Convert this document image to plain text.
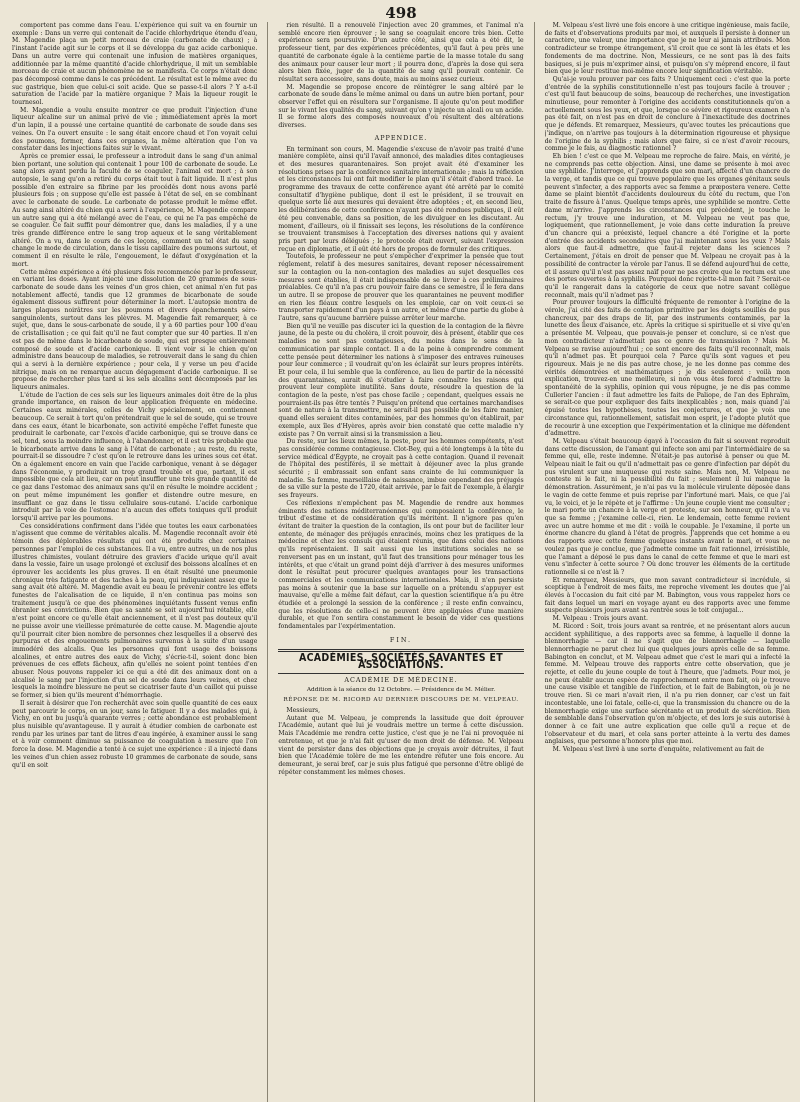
498

comportent pas comme dans l'eau. L'expérience qui suit va en fournir un exemple : Dans un verre qui contenait de l'acide chlorhydrique étendu d'eau, M. Magendie plaça un petit morceau de craie (carbonate de chaux) ; à l'instant l'acide agit sur le corps et il se développa du gaz acide carbonique. Dans un autre verre qui contenait une infusion de matières organiques, additionnée par la même quantité d'acide chlorhydrique, il mit un semblable morceau de craie et aucun phénomène ne se manifesta. Ce corps n'était donc pas décomposé comme dans le cas précédent. Le résultat est le même avec du suc gastrique, bien que celui-ci soit acide. Que se passe-t-il alors ? Y a-t-il saturation de l'acide par la matière organique ? Mais la liqueur rougit le tournesol.

M. Magendie a voulu ensuite montrer ce que produit l'injection d'une liqueur alcaline sur un animal privé de vie ; immédiatement après la mort d'un lapin, il a poussé une certaine quantité de carbonate de soude dans ses veines. On l'a ouvert ensuite : le sang était encore chaud et l'on voyait celui des poumons, former, dans ces organes, la même altération que l'on va constater dans les injections faites sur le vivant.

Après ce premier essai, le professeur a introduit dans le sang d'un animal bien portant, une solution qui contenait 1 pour 100 de carbonate de soude. Le sang alors ayant perdu la faculté de se coaguler, l'animal est mort ; à son autopsie, le sang qu'on a retiré du corps était tout à fait liquide. Il n'est plus possible d'en extraire sa fibrine par les procédés dont nous avons parlé plusieurs fois ; on suppose qu'elle est passée à l'état de sel, en se combinant avec le carbonate de soude. Le carbonate de potasse produit le même effet. Au sang ainsi altéré du chien qui a servi à l'expérience, M. Magendie compare un autre sang qui a été mélangé avec de l'eau, ce qui ne l'a pas empêché de se coaguler. Ce fait suffit pour démontrer que, dans les maladies, il y a une très grande différence entre le sang trop aqueux et le sang véritablement altéré. On a vu, dans le cours de ces leçons, comment un tel état du sang change le mode de circulation, dans le tissu capillaire des poumons surtout, et comment il en résulte le râle, l'engouement, le défaut d'oxygénation et la mort.

Cette même expérience a été plusieurs fois recommencée par le professeur, en variant les doses. Ayant injecté une dissolution de 20 grammes de sous-carbonate de soude dans les veines d'un gros chien, cet animal n'en fut pas notablement affecté, tandis que 12 grammes de bicarbonate de soude également dissous suffirent pour déterminer la mort. L'autopsie montra de larges plaques noirâtres sur les poumons et divers épanchements séro-sanguinolents, surtout dans les plèvres. M. Magendie fait remarquer, à ce sujet, que, dans le sous-carbonate de soude, il y a 60 parties pour 100 d'eau de cristallisation ; ce qui fait qu'il ne faut compter que sur 40 parties. Il n'en est pas de même dans le bicarbonate de soude, qui est presque entièrement composé de soude et d'acide carbonique. Il vient voir si le chien qu'on administre dans beaucoup de maladies, se retrouverait dans le sang du chien qui a servi à la dernière expérience ; pour cela, il y verse un peu d'acide nitrique, mais on ne remarque aucun dégagement d'acide carbonique. Il se propose de rechercher plus tard si les sels alcalins sont décomposés par les liqueurs animales.

L'étude de l'action de ces sels sur les liqueurs animales doit être de la plus grande importance, en raison de leur application fréquente en médecine. Certaines eaux minérales, celles de Vichy spécialement, en contiennent beaucoup. Ce serait à tort qu'on prétendrait que le sel de soude, qui se trouve dans ces eaux, étant le bicarbonate, son activité empêche l'effet funeste que produirait le carbonate, car l'excès d'acide carbonique, qui se trouve dans ce sel, tend, sous la moindre influence, à l'abandonner, et il est très probable que le bicarbonate arrive dans le sang à l'état de carbonate ; au reste, du reste, pourrait-il se dissoudre ? c'est qu'on le retrouve dans les urines sous cet état. On a également encore en vain que l'acide carbonique, venant à se dégager dans l'économie, y produirait un trop grand trouble et que, partant, il est impossible que cela ait lieu, car on peut insuffler une très grande quantité de ce gaz dans l'estomac des animaux sans qu'il en résulte le moindre accident ; on peut même impunément les gonfler et distendre outre mesure, en insufflant ce gaz dans le tissu cellulaire sous-cutané. L'acide carbonique introduit par la voie de l'estomac n'a aucun des effets toxiques qu'il produit lorsqu'il arrive par les poumons.

Ces considérations confirment dans l'idée que toutes les eaux carbonatées n'agissent que comme de véritables alcalis. M. Magendie reconnaît avoir été témoin des déplorables résultats qui ont été produits chez certaines personnes par l'emploi de ces substances. Il a vu, entre autres, un de nos plus illustres chimistes, voulant détruire des graviers d'acide urique qu'il avait dans la vessie, faire un usage prolongé et exclusif des boissons alcalines et en éprouver les accidents les plus graves. Il en était résulté une pneumonie chronique très fatigante et des taches à la peau, qui indiquaient assez que le sang avait été altéré. M. Magendie avait eu beau le prévenir contre les effets funestes de l'alcalisation de ce liquide, il n'en continua pas moins son traitement jusqu'à ce que des phénomènes inquiétants fussent venus enfin ébranler ses convictions. Bien que sa santé se soit aujourd'hui rétablie, elle n'est point encore ce qu'elle était anciennement, et il n'est pas douteux qu'il ne puisse avoir une vieillesse prématurée de cette cause. M. Magendie ajoute qu'il pourrait citer bien nombre de personnes chez lesquelles il a observé des purpuras et des engouements pulmonaires survenus à la suite d'un usage immodéré des alcalis. Que les personnes qui font usage des boissons alcalines, et entre autres des eaux de Vichy, s'écrie-t-il, soient donc bien prévenues de ces effets fâcheux, afin qu'elles ne soient point tentées d'en abuser. Nous pouvons rappeler ici ce qui a été dit des animaux dont on a alcalisé le sang par l'injection d'un sel de soude dans leurs veines, et chez lesquels la moindre blessure ne peut se cicatriser faute d'un caillot qui puisse se former, si bien qu'ils meurent d'hémorrhagie.

Il serait à désirer que l'on recherchât avec soin quelle quantité de ces eaux peut parcourir le corps, en un jour, sans le fatiguer. Il y a des malades qui, à Vichy, en ont bu jusqu'à quarante verres ; cette abondance est probablement plus nuisible qu'avantageuse. Il y aurait à étudier combien de carbonate est rendu par les urines par tant de litres d'eau ingérée, à examiner aussi le sang et à voir comment diminue sa puissance de coagulation à mesure que l'on force la dose. M. Magendie a tenté à ce sujet une expérience : il a injecté dans les veines d'un chien assez robuste 10 grammes de carbonate de soude, sans qu'il en soit

rien résulté. Il a renouvelé l'injection avec 20 grammes, et l'animal n'a semblé encore rien éprouver ; le sang se coagulait encore très bien. Cette expérience sera poursuivie. D'un autre côté, ainsi que cela a été dit, le professeur tient, par des expériences précédentes, qu'il faut à peu près une quantité de carbonate égale à la centième partie de la masse totale du sang des animaux pour causer leur mort ; il pourra donc, d'après la dose qui sera alors bien fixée, juger de la quantité de sang qu'il pouvait contenir. Ce résultat sera accessoire, sans doute, mais au moins assez curieux.

M. Magendie se propose encore de réintégrer le sang altéré par le carbonate de soude dans le même animal ou dans un autre bien portant, pour observer l'effet qui en résultera sur l'organisme. Il ajoute qu'on peut modifier sur le vivant les qualités du sang, suivant qu'on y injecte un alcali ou un acide. Il se forme alors des composés nouveaux d'où résultent des altérations diverses.

APPENDICE.

En terminant son cours, M. Magendie s'excuse de n'avoir pas traité d'une manière complète, ainsi qu'il l'avait annoncé, des maladies dites contagieuses et des mesures quarantenaires. Son projet avait été d'examiner les résolutions prises par la conférence sanitaire internationale ; mais la réflexion et les circonstances lui ont fait modifier le plan qu'il s'était d'abord tracé. Le programme des travaux de cette conférence ayant été arrêté par le comité consultatif d'hygiène publique, dont il est le président, il se trouvait en quelque sorte lié aux mesures qui devaient être adoptées ; et, en second lieu, les délibérations de cette conférence n'ayant pas été rendues publiques, il eût été peu convenable, dans sa position, de les divulguer en les discutant. Au moment, d'ailleurs, où il finissait ses leçons, les résolutions de la conférence se trouvaient transmises à l'acceptation des diverses nations qui y avaient pris part par leurs délégués ; le protocole était ouvert, suivant l'expression reçue en diplomatie, et il eût été hors de propos de formuler des critiques.

Toutefois, le professeur ne peut s'empêcher d'exprimer la pensée que tout réglement, relatif à des mesures sanitaires, devant reposer nécessairement sur la contagion ou la non-contagion des maladies au sujet desquelles ces mesures sont établies, il était indispensable de se livrer à ces préliminaires préalables. Ce qu'il n'a pas cru pouvoir faire dans ce semestre, il le fera dans un autre. Il se propose de prouver que les quarantaines ne peuvent modifier en rien les fléaux contre lesquels on les emploie, car on voit ceux-ci se transporter rapidement d'un pays à un autre, et même d'une partie du globe à l'autre, sans qu'aucune barrière puisse arrêter leur marche.

Bien qu'il ne veuille pas discuter ici la question de la contagion de la fièvre jaune, de la peste ou du choléra, il croit pouvoir, dès à présent, établir que ces maladies ne sont pas contagieuses, du moins dans le sens de la communication par simple contact. Il a de la peine à comprendre comment cette pensée peut déterminer les nations à s'imposer des entraves ruineuses pour leur commerce ; il voudrait qu'on les éclairât sur leurs propres intérêts. Et pour cela, il lui semble que la conférence, au lieu de partir de la nécessité des quarantaines, aurait dû s'étudier à faire connaître les raisons qui prouvent leur complète inutilité. Sans doute, résoudre la question de la contagion de la peste, n'est pas chose facile ; cependant, quelques essais ne pourraient-ils pas être tentés ? Puisqu'on prétend que certaines marchandises sont de nature à la transmettre, ne serait-il pas possible de les faire manier, quand elles seraient dites contaminées, par des hommes qu'on établirait, par exemple, aux îles d'Hyères, après avoir bien constaté que cette maladie n'y existe pas ? On verrait ainsi si la transmission a lieu.

Du reste, sur les lieux mêmes, la peste, pour les hommes compétents, n'est pas considérée comme contagieuse. Clot-Bey, qui a été longtemps à la tête du service médical d'Égypte, ne croyait pas à cette contagion. Quand il revenait de l'hôpital des pestiférés, il se mettait à déjeuner avec la plus grande sécurité ; il embrassait son enfant sans crainte de lui communiquer la maladie. Sa femme, marseillaise de naissance, imbue cependant des préjugés de sa ville sur la peste de 1720, était arrivée, par le fait de l'exemple, à élargir ses frayeurs.

Ces réflexions n'empêchent pas M. Magendie de rendre aux hommes éminents des nations méditerranéennes qui composaient la conférence, le tribut d'estime et de considération qu'ils méritent. Il n'ignore pas qu'en évitant de traiter la question de la contagion, ils ont pour but de faciliter leur entente, de ménager des préjugés enracinés, moins chez les pratiques de la médecine et chez les consuls qui étaient réunis, que dans celui des nations qu'ils représentaient. Il sait aussi que les institutions sociales ne se renversent pas en un instant, qu'il faut des transitions pour ménager tous les intérêts, et que c'était un grand point déjà d'arriver à des mesures uniformes dont le résultat peut procurer quelques avantages pour les transactions commerciales et les communications internationales. Mais, il n'en persiste pas moins à soutenir que la base sur laquelle on a prétendu s'appuyer est mauvaise, qu'elle a même fait défaut, car la question scientifique n'a pu être étudiée et a prolongé la session de la conférence ; il reste enfin convaincu, que les résolutions de celle-ci ne peuvent être appliquées d'une manière durable, et que l'on sentira constamment le besoin de vider ces questions fondamentales par l'expérimentation.

FIN.
ACADÉMIES, SOCIÉTÉS SAVANTES ET ASSOCIATIONS.
ACADÉMIE DE MÉDECINE.
Addition à la séance du 12 Octobre. — Présidence de M. Mélier.
RÉPONSE DE M. RICORD AU DERNIER DISCOURS DE M. VELPEAU.

Messieurs,

Autant que M. Velpeau, je comprends la lassitude que doit éprouver l'Académie, autant que lui je voudrais mettre un terme à cette discussion. Mais l'Académie me rendra cette justice, c'est que je ne l'ai ni provoquée ni entretenue, et que je n'ai fait qu'user de mon droit de défense. M. Velpeau vient de persister dans des objections que je croyais avoir détruites, il faut bien que l'Académie tolère de me les entendre réfuter une fois encore. Au demeurant, je serai bref, car je suis plus fatigué que personne d'être obligé de répéter constamment les mêmes choses.

M. Velpeau s'est livré une fois encore à une critique ingénieuse, mais facile, de faits et d'observations produits par moi, et auxquels il persiste à donner un caractère, une valeur, une importance que je ne leur ai jamais attribués. Mon contradicteur se trompe étrangement, s'il croit que ce sont là les états et les fondements de ma doctrine. Non, Messieurs, ce ne sont pas là des faits basiques, si je puis m'exprimer ainsi, et puisqu'on s'y méprend encore, il faut bien que je leur restitue moi-même encore leur signification véritable.

Qu'ai-je voulu prouver par ces faits ? Uniquement ceci : c'est que la porte d'entrée de la syphilis constitutionnelle n'est pas toujours facile à trouver ; c'est qu'il faut beaucoup de soins, beaucoup de recherches, une investigation minutieuse, pour remonter à l'origine des accidents constitutionnels qu'on a actuellement sous les yeux, et que, lorsque ce sévère et rigoureux examen n'a pas été fait, on n'est pas en droit de conclure à l'inexactitude des doctrines que je défends. Et remarquez, Messieurs, qu'avec toutes les précautions que j'indique, on n'arrive pas toujours à la détermination rigoureuse et physique de l'origine de la syphilis ; mais alors que faire, si ce n'est d'avoir recours, comme je le fais, au diagnostic rationnel ?

Eh bien ! c'est ce que M. Velpeau me reproche de faire. Mais, en vérité, je ne comprends pas cette objection. Ainsi, une dame se présente à moi avec une syphilide. J'interroge, et j'apprends que son mari, affecté d'un chancre de la verge, et tandis que ce qui trouve populaire que les organes génitaux seuls peuvent s'infecter, a des rapports avec sa femme a præpostera venere. Cette dame se plaint bientôt d'accidents douloureux du côté du rectum, que l'on traite de fissure à l'anus. Quelque temps après, une syphilide se montre. Cette dame m'arrive. J'apprends les circonstances qui précèdent, je touche le rectum, j'y trouve une induration, et M. Velpeau ne veut pas que, logiquement, que rationnellement, je voie dans cette induration la preuve d'un chancre qui a préexisté, lequel chancre a été l'origine et la porte d'entrée des accidents secondaires que j'ai maintenant sous les yeux ? Mais alors que faut-il admettre, que faut-il rejeter dans les sciences ? Certainement, j'étais en droit de penser que M. Velpeau ne croyait pas à la possibilité de contracter la vérole par l'anus. Il se défend aujourd'hui de cette, et il assure qu'il n'est pas assez naïf pour ne pas croire que le rectum est une des portes ouvertes à la syphilis. Pourquoi donc rejette-t-il mon fait ? Serait-ce qu'il le rangerait dans la catégorie de ceux que notre savant collègue reconnaît, mais qu'il n'admet pas ?

Pour prouver toujours la difficulté fréquente de remonter à l'origine de la vérole, j'ai cité des faits de contagion primitive par les doigts souillés de pus chancreux, par des draps de lit, par des instruments contaminés, par la lunette des lieux d'aisance, etc. Après la critique si spirituelle et si vive qu'en a présentée M. Velpeau, que pouvais-je penser et conclure, si ce n'est que mon contradicteur n'admettait pas ce genre de transmission ? Mais M. Velpeau se ravise aujourd'hui ; ce sont encore des faits qu'il reconnaît, mais qu'il n'admet pas. Et pourquoi cela ? Parce qu'ils sont vagues et peu rigoureux. Mais je ne dis pas autre chose, je ne les donne pas comme des vérités démontrées et mathématiques ; je dis seulement : voilà mon explication, trouvez-en une meilleure, si non vous êtes forcé d'admettre la spontanéité de la syphilis, opinion qui vous répugne, je ne dis pas comme Cullerier l'ancien : il faut admettre les faits de Paliope, de l'an des Ephraïm, se serait-ce que pour expliquer des faits inexplicables ; non, mais quand j'ai épuisé toutes les hypothèses, toutes les conjectures, et que je vois une circonstance qui, rationnellement, satisfait mon esprit, je l'adopte plutôt que de recourir à une exception que l'expérimentation et la clinique me défendent d'admettre.

M. Velpeau s'était beaucoup égayé à l'occasion du fait si souvent reproduit dans cette discussion, de l'amant qui infecte son ami par l'intermédiaire de sa femme qui, elle, reste indemne. N'était-je pas autorisé à penser ou que M. Velpeau niait le fait ou qu'il n'admettait pas ce genre d'infection par dépôt du pus virulent sur une muqueuse qui reste saine. Mais non, M. Velpeau ne conteste ni le fait, ni la possibilité du fait ; seulement il lui manque la démonstration. Assurément, je n'ai pas vu la molécule virulente déposée dans le vagin de cette femme et puis reprise par l'infortuné mari. Mais, ce que j'ai vu, le voici, et je le répète et je l'affirme : Un jeune couple vient me consulter ; le mari porte un chancre à la verge et proteste, sur son honneur, qu'il n'a vu que sa femme ; j'examine celle-ci, rien. Le lendemain, cette femme revient avec un autre homme et me dit : voilà le coupable. Je l'examine, il porte un énorme chancre du gland à l'état de progrès. J'apprends que cet homme a eu des rapports avec cette femme quelques instants avant le mari, et vous ne voulez pas que je conclue, que j'admette comme un fait rationnel, irrésistible, que l'amant a déposé le pus dans le canal de cette femme et que le mari est venu s'infecter à cette source ? Où donc trouver les éléments de la certitude rationnelle si ce n'est là ?

Et remarquez, Messieurs, que mon savant contradicteur si incrédule, si sceptique à l'endroit de mes faits, me reproche vivement les doutes que j'ai élevés à l'occasion du fait cité par M. Babington, vous vous rappelez hors ce fait dans lequel un mari en voyage ayant eu des rapports avec une femme suspecte plusieurs jours avant sa rentrée sous le toit conjugal...

M. Velpeau : Trois jours avant.

M. Ricord : Soit, trois jours avant sa rentrée, et ne présentant alors aucun accident syphilitique, a des rapports avec sa femme, à laquelle il donne la blennorrhagie — car il ne s'agit que de blennorrhagie — laquelle blennorrhagie ne parut chez lui que quelques jours après celle de sa femme. Babington en conclut, et M. Velpeau admet que c'est le mari qui a infecté la femme. M. Velpeau trouve des rapports entre cette observation, que je rejette, et celle du jeune couple de tout à l'heure, que j'admets. Pour moi, je ne peux établir aucun espèce de rapprochement entre mon fait, où je trouve une cause visible et tangible de l'infection, et le fait de Babington, où je ne trouve rien. Si ce mari n'avait rien, il n'a pu rien donner, car c'est un fait incontestable, une loi fatale, celle-ci, que la transmission du chancre ou de la blennorrhagie exige une surface sécrétante et un produit de sécrétion. Rien de semblable dans l'observation qu'on m'objecte, et des lors je suis autorisé à donner à ce fait une autre explication que celle qu'il a reçue et de l'observateur et du mari, et cela sans porter atteinte à la vertu des dames anglaises, que personne n'honore plus que moi.

M. Velpeau s'est livré à une sorte d'enquête, relativement au fait de
